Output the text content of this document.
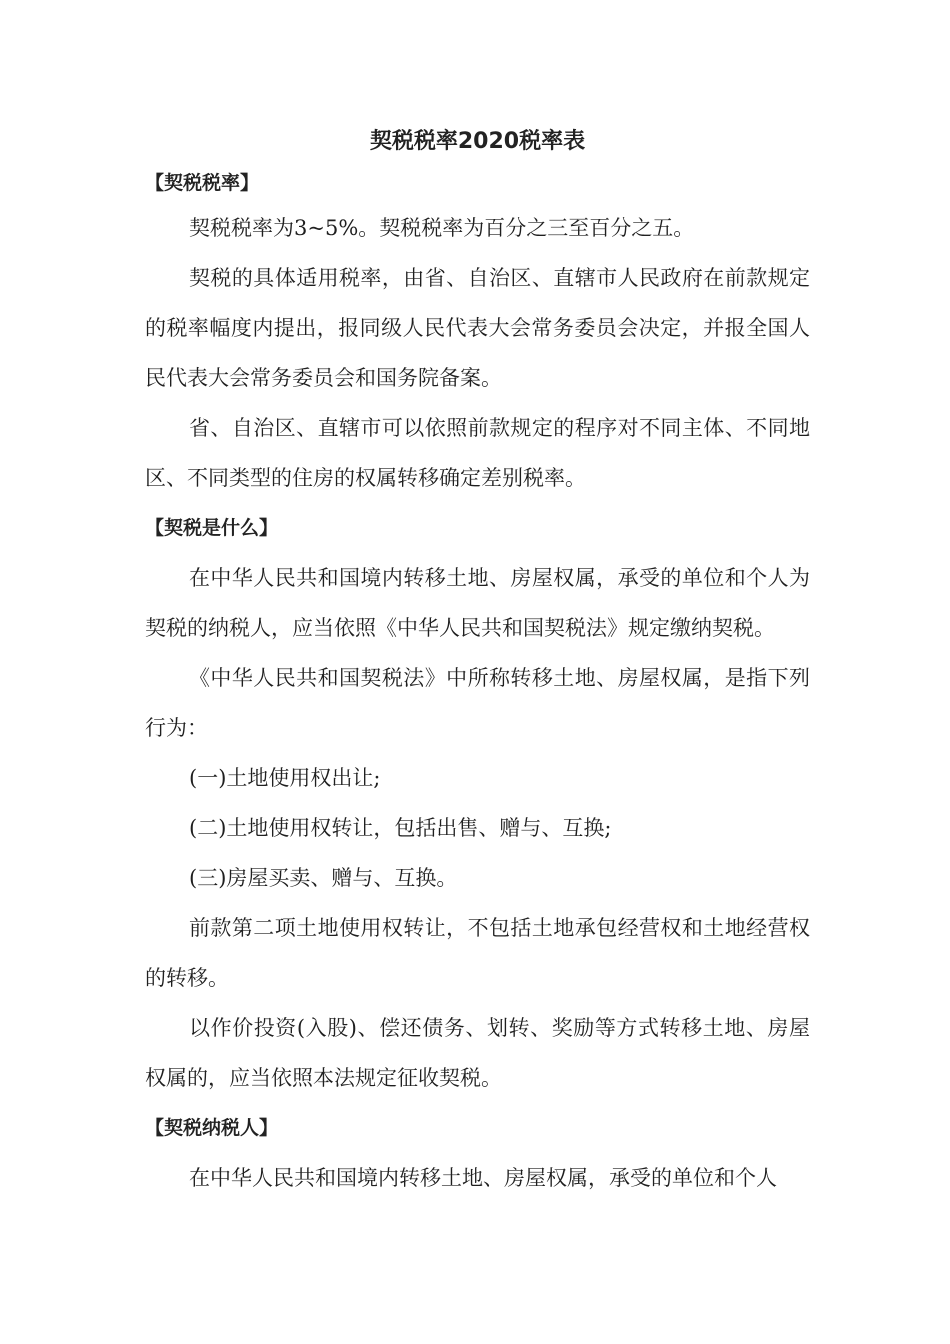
契税税率2020税率表
【契税税率】

契税税率为3~5%。契税税率为百分之三至百分之五。

契税的具体适用税率，由省、自治区、直辖市人民政府在前款规定的税率幅度内提出，报同级人民代表大会常务委员会决定，并报全国人民代表大会常务委员会和国务院备案。

省、自治区、直辖市可以依照前款规定的程序对不同主体、不同地区、不同类型的住房的权属转移确定差别税率。

【契税是什么】

在中华人民共和国境内转移土地、房屋权属，承受的单位和个人为契税的纳税人，应当依照《中华人民共和国契税法》规定缴纳契税。

《中华人民共和国契税法》中所称转移土地、房屋权属，是指下列行为：

(一)土地使用权出让;

(二)土地使用权转让，包括出售、赠与、互换;

(三)房屋买卖、赠与、互换。

前款第二项土地使用权转让，不包括土地承包经营权和土地经营权的转移。

以作价投资(入股)、偿还债务、划转、奖励等方式转移土地、房屋权属的，应当依照本法规定征收契税。

【契税纳税人】

在中华人民共和国境内转移土地、房屋权属，承受的单位和个人
